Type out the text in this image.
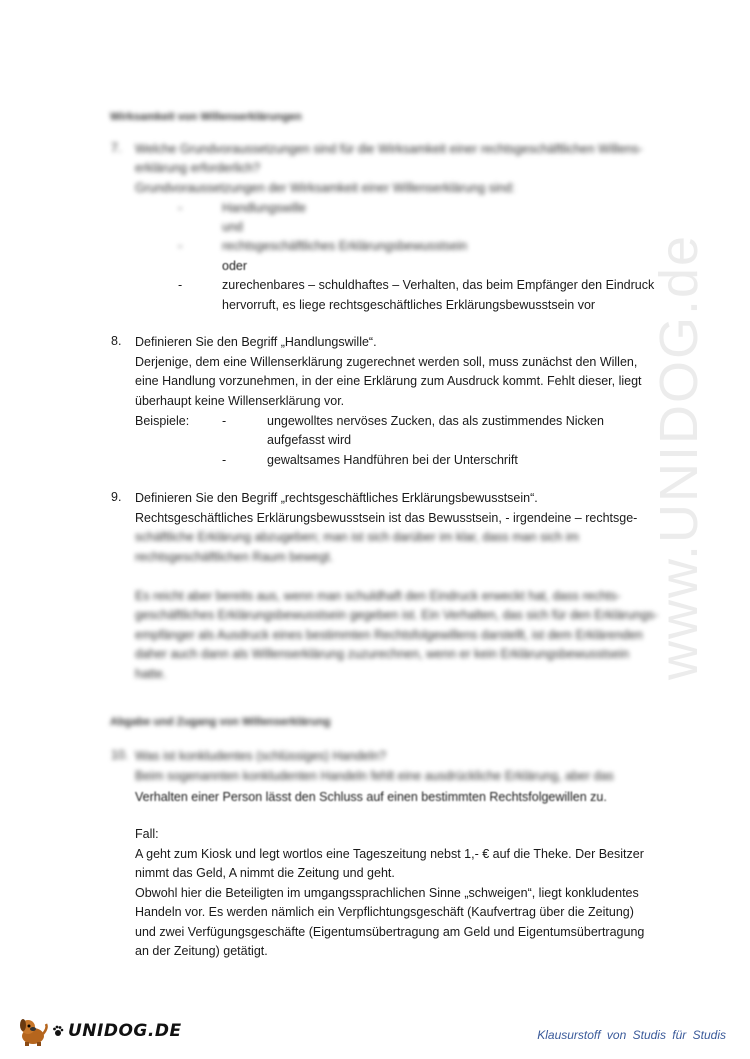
www.UNIDOG.de
Wirksamkeit von Willenserklärungen
7. Welche Grundvoraussetzungen sind für die Wirksamkeit einer rechtsgeschäftlichen Willens-
erklärung erforderlich?
Grundvoraussetzungen der Wirksamkeit einer Willenserklärung sind:
-	Handlungswille
und
-	rechtsgeschäftliches Erklärungsbewusstsein
oder
-	zurechenbares – schuldhaftes – Verhalten, das beim Empfänger den Eindruck
hervorruft, es liege rechtsgeschäftliches Erklärungsbewusstsein vor
8. Definieren Sie den Begriff „Handlungswille“.
Derjenige, dem eine Willenserklärung zugerechnet werden soll, muss zunächst den Willen,
eine Handlung vorzunehmen, in der eine Erklärung zum Ausdruck kommt. Fehlt dieser, liegt
überhaupt keine Willenserklärung vor.
Beispiele:	-	ungewolltes nervöses Zucken, das als zustimmendes Nicken
aufgefasst wird
-	gewaltsames Handführen bei der Unterschrift
9. Definieren Sie den Begriff „rechtsgeschäftliches Erklärungsbewusstsein“.
Rechtsgeschäftliches Erklärungsbewusstsein ist das Bewusstsein, - irgendeine – rechtsge-
schäftliche Erklärung abzugeben; man ist sich darüber im klar, dass man sich im
rechtsgeschäftlichen Raum bewegt.
Es reicht aber bereits aus, wenn man schuldhaft den Eindruck erweckt hat, dass rechts-
geschäftliches Erklärungsbewusstsein gegeben ist. Ein Verhalten, das sich für den Erklärungs-
empfänger als Ausdruck eines bestimmten Rechtsfolgewillens darstellt, ist dem Erklärenden
daher auch dann als Willenserklärung zuzurechnen, wenn er kein Erklärungsbewusstsein
hatte.
Abgabe und Zugang von Willenserklärung
10. Was ist konkludentes (schlüssiges) Handeln?
Beim sogenannten konkludenten Handeln fehlt eine ausdrückliche Erklärung, aber das
Verhalten einer Person lässt den Schluss auf einen bestimmten Rechtsfolgewillen zu.
Fall:
A geht zum Kiosk und legt wortlos eine Tageszeitung nebst 1,- € auf die Theke. Der Besitzer
nimmt das Geld, A nimmt die Zeitung und geht.
Obwohl hier die Beteiligten im umgangssprachlichen Sinne „schweigen“, liegt konkludentes
Handeln vor. Es werden nämlich ein Verpflichtungsgeschäft (Kaufvertrag über die Zeitung)
und zwei Verfügungsgeschäfte (Eigentumsübertragung am Geld und Eigentumsübertragung
an der Zeitung) getätigt.
UNIDOG.DE	Klausurstoff von Studis für Studis
